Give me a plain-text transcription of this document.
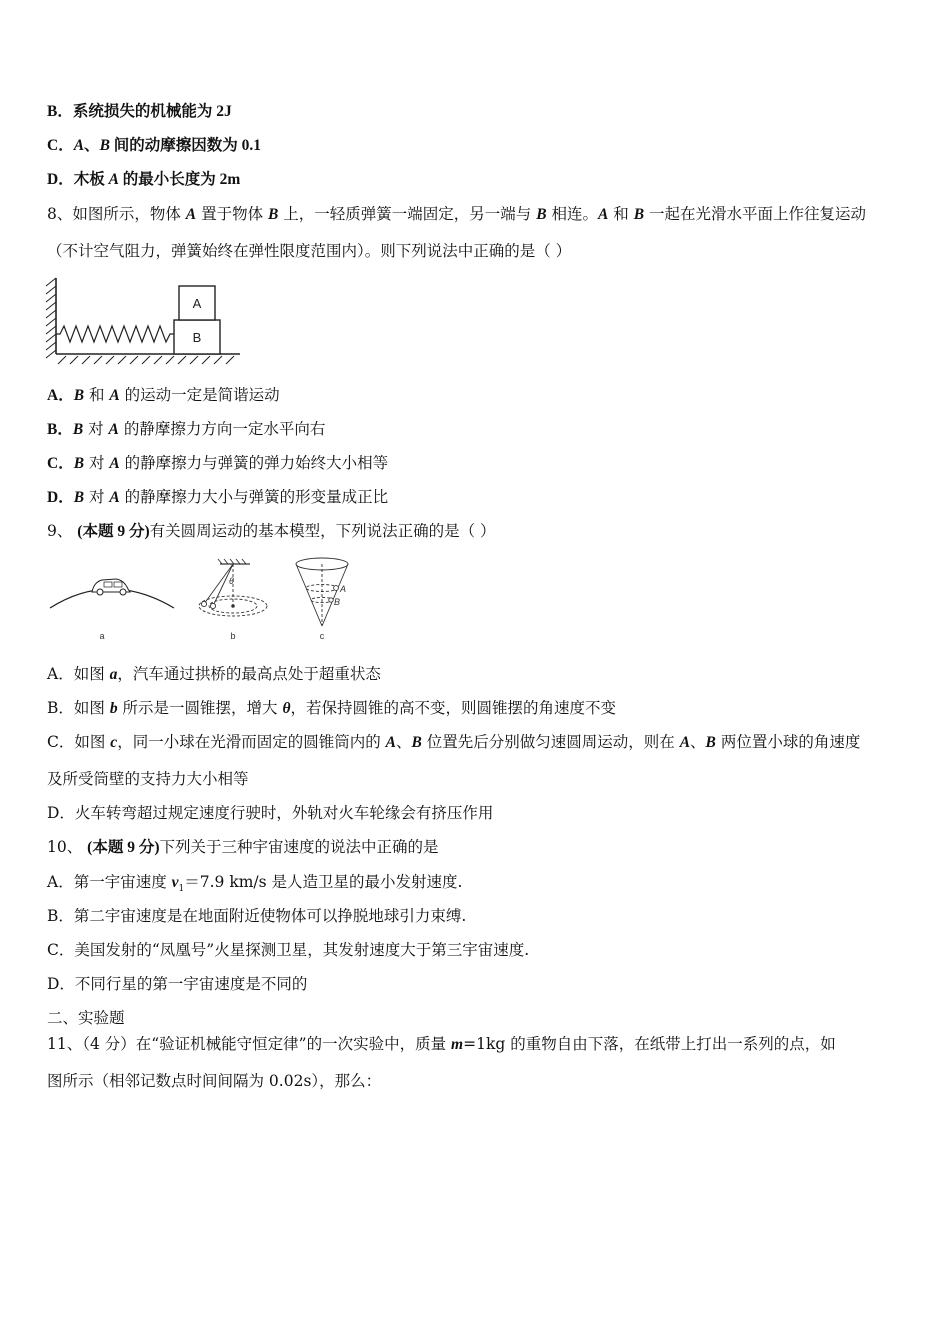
B．系统损失的机械能为 2J
C．A、B 间的动摩擦因数为 0.1
D．木板 A 的最小长度为 2m
8、如图所示，物体 A 置于物体 B 上，一轻质弹簧一端固定，另一端与 B 相连。A 和 B 一起在光滑水平面上作往复运动
（不计空气阻力，弹簧始终在弹性限度范围内）。则下列说法中正确的是（ ）
A
B
A．B 和 A 的运动一定是简谐运动
B．B 对 A 的静摩擦力方向一定水平向右
C．B 对 A 的静摩擦力与弹簧的弹力始终大小相等
D．B 对 A 的静摩擦力大小与弹簧的形变量成正比
9、 (本题 9 分)有关圆周运动的基本模型，下列说法正确的是（ ）
a
θ
b
A
B
c
A．如图 a，汽车通过拱桥的最高点处于超重状态
B．如图 b 所示是一圆锥摆，增大 θ，若保持圆锥的高不变，则圆锥摆的角速度不变
C．如图 c，同一小球在光滑而固定的圆锥筒内的 A、B 位置先后分别做匀速圆周运动，则在 A、B 两位置小球的角速度
及所受筒壁的支持力大小相等
D．火车转弯超过规定速度行驶时，外轨对火车轮缘会有挤压作用
10、 (本题 9 分)下列关于三种宇宙速度的说法中正确的是
A．第一宇宙速度 $v_1=7.9$ km/s 是人造卫星的最小发射速度.
B．第二宇宙速度是在地面附近使物体可以挣脱地球引力束缚.
C．美国发射的“凤凰号”火星探测卫星，其发射速度大于第三宇宙速度.
D．不同行星的第一宇宙速度是不同的
二、实验题
11、（4 分）在“验证机械能守恒定律”的一次实验中，质量 m=1kg 的重物自由下落，在纸带上打出一系列的点，如
图所示（相邻记数点时间间隔为 0.02s），那么：
